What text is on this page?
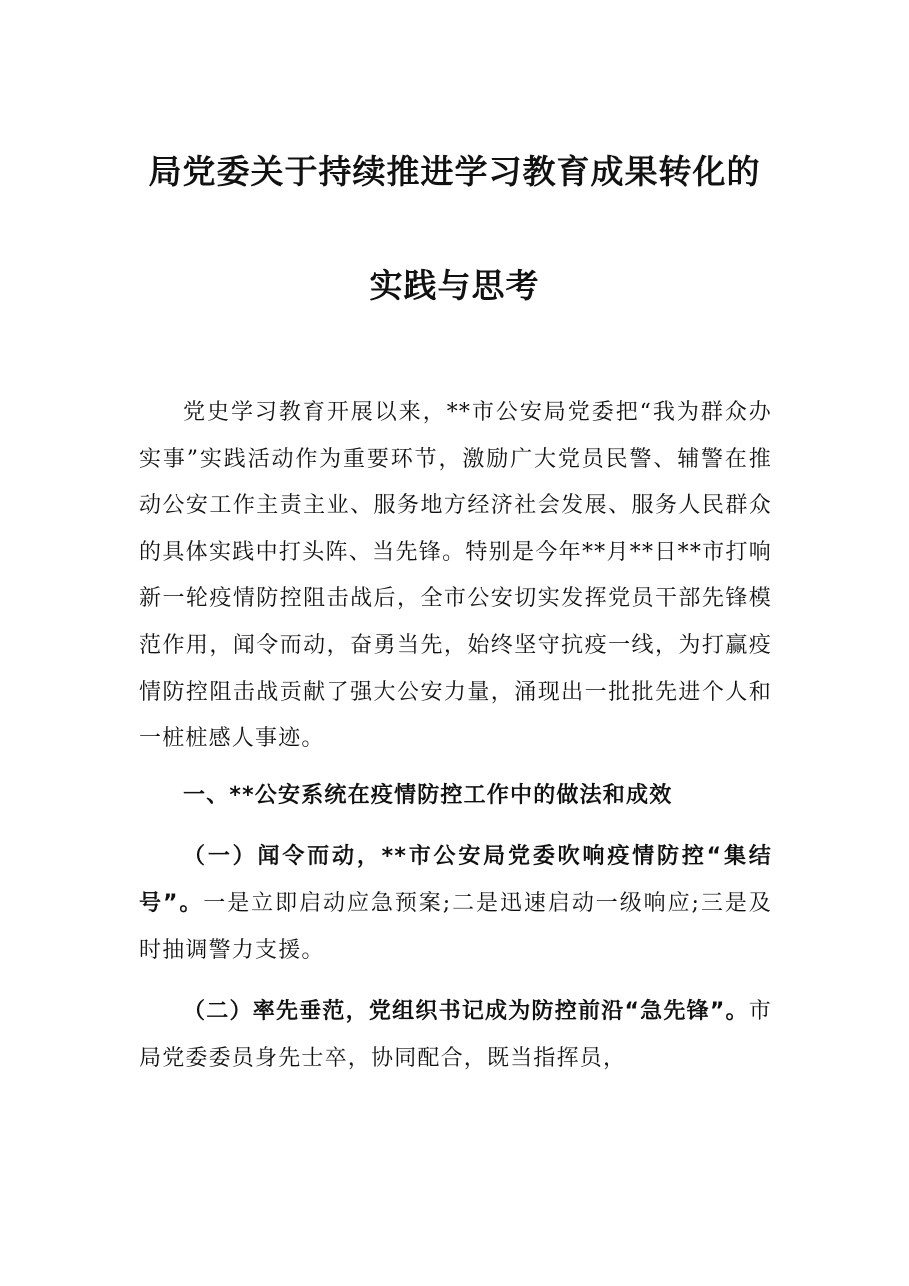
局党委关于持续推进学习教育成果转化的
实践与思考

党史学习教育开展以来，**市公安局党委把“我为群众办实事”实践活动作为重要环节，激励广大党员民警、辅警在推动公安工作主责主业、服务地方经济社会发展、服务人民群众的具体实践中打头阵、当先锋。特别是今年**月**日**市打响新一轮疫情防控阻击战后，全市公安切实发挥党员干部先锋模范作用，闻令而动，奋勇当先，始终坚守抗疫一线，为打赢疫情防控阻击战贡献了强大公安力量，涌现出一批批先进个人和一桩桩感人事迹。

一、**公安系统在疫情防控工作中的做法和成效

（一）闻令而动，**市公安局党委吹响疫情防控“集结号”。一是立即启动应急预案;二是迅速启动一级响应;三是及时抽调警力支援。

（二）率先垂范，党组织书记成为防控前沿“急先锋”。市局党委委员身先士卒，协同配合，既当指挥员，
